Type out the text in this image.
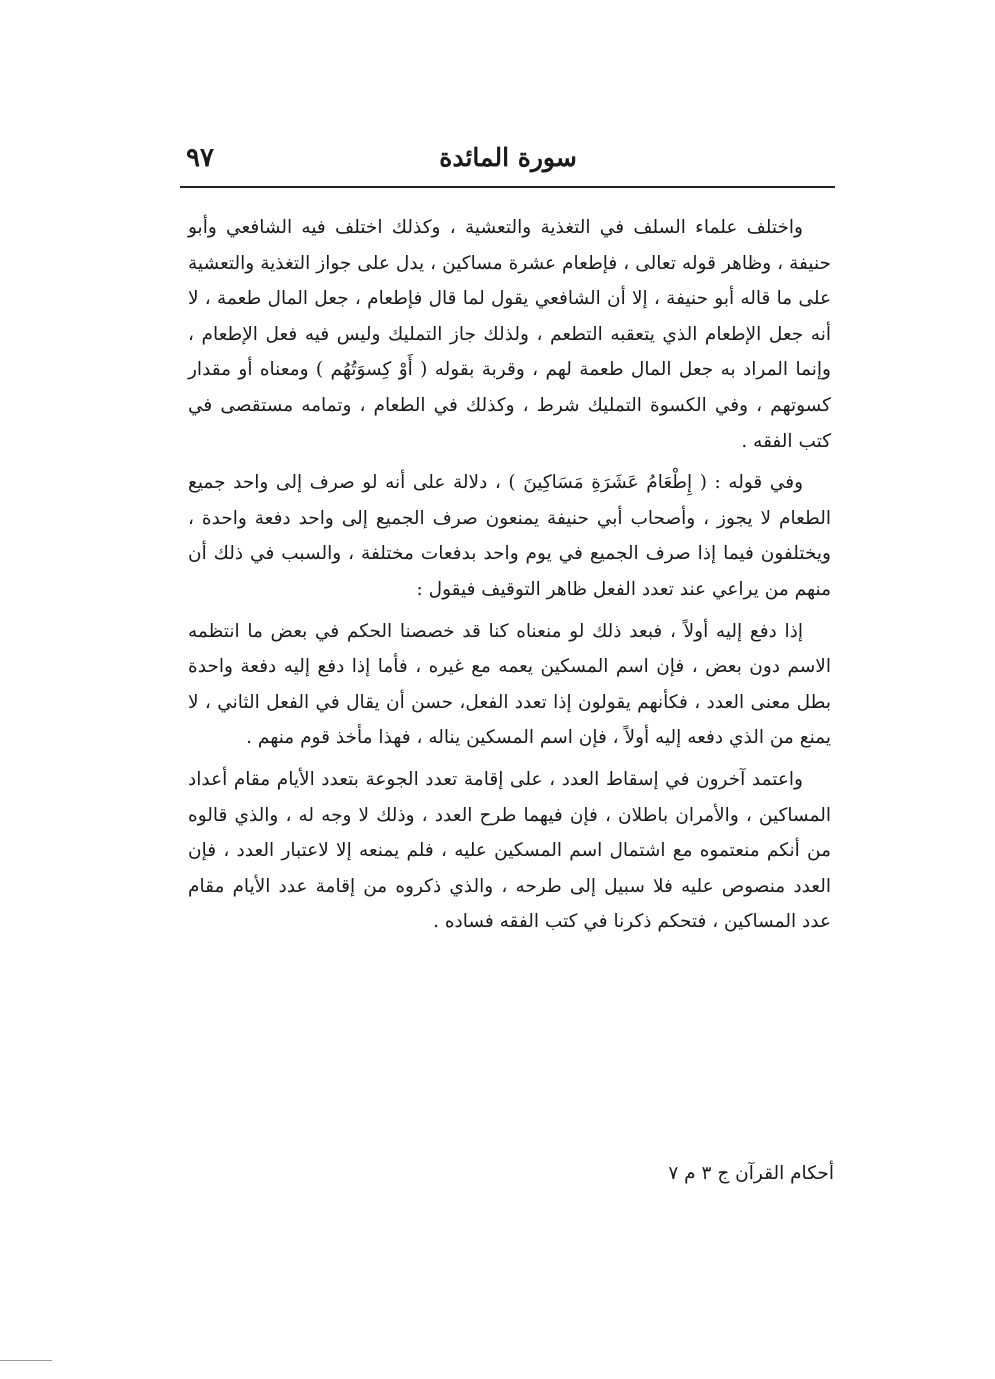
٩٧	سورة المائدة

واختلف علماء السلف في التغذية والتعشية ، وكذلك اختلف فيه الشافعي وأبو حنيفة ، وظاهر قوله تعالى ، فإطعام عشرة مساكين ، يدل على جواز التغذية والتعشية على ما قاله أبو حنيفة ، إلا أن الشافعي يقول لما قال فإطعام ، جعل المال طعمة ، لا أنه جعل الإطعام الذي يتعقبه التطعم ، ولذلك جاز التمليك وليس فيه فعل الإطعام ، وإنما المراد به جعل المال طعمة لهم ، وقربة بقوله ( أَوْ كِسوَتُهُم ) ومعناه أو مقدار كسوتهم ، وفي الكسوة التمليك شرط ، وكذلك في الطعام ، وتمامه مستقصى في كتب الفقه .

وفي قوله : ( إِطْعَامُ عَشَرَةِ مَسَاكِينَ ) ، دلالة على أنه لو صرف إلى واحد جميع الطعام لا يجوز ، وأصحاب أبي حنيفة يمنعون صرف الجميع إلى واحد دفعة واحدة ، ويختلفون فيما إذا صرف الجميع في يوم واحد بدفعات مختلفة ، والسبب في ذلك أن منهم من يراعي عند تعدد الفعل ظاهر التوقيف فيقول :

إذا دفع إليه أولاً ، فبعد ذلك لو منعناه كنا قد خصصنا الحكم في بعض ما انتظمه الاسم دون بعض ، فإن اسم المسكين يعمه مع غيره ، فأما إذا دفع إليه دفعة واحدة بطل معنى العدد ، فكأنهم يقولون إذا تعدد الفعل، حسن أن يقال في الفعل الثاني ، لا يمنع من الذي دفعه إليه أولاً ، فإن اسم المسكين يناله ، فهذا مأخذ قوم منهم .

واعتمد آخرون في إسقاط العدد ، على إقامة تعدد الجوعة بتعدد الأيام مقام أعداد المساكين ، والأمران باطلان ، فإن فيهما طرح العدد ، وذلك لا وجه له ، والذي قالوه من أنكم منعتموه مع اشتمال اسم المسكين عليه ، فلم يمنعه إلا لاعتبار العدد ، فإن العدد منصوص عليه فلا سبيل إلى طرحه ، والذي ذكروه من إقامة عدد الأيام مقام عدد المساكين ، فتحكم ذكرنا في كتب الفقه فساده .

أحكام القرآن ج ٣ م ٧
